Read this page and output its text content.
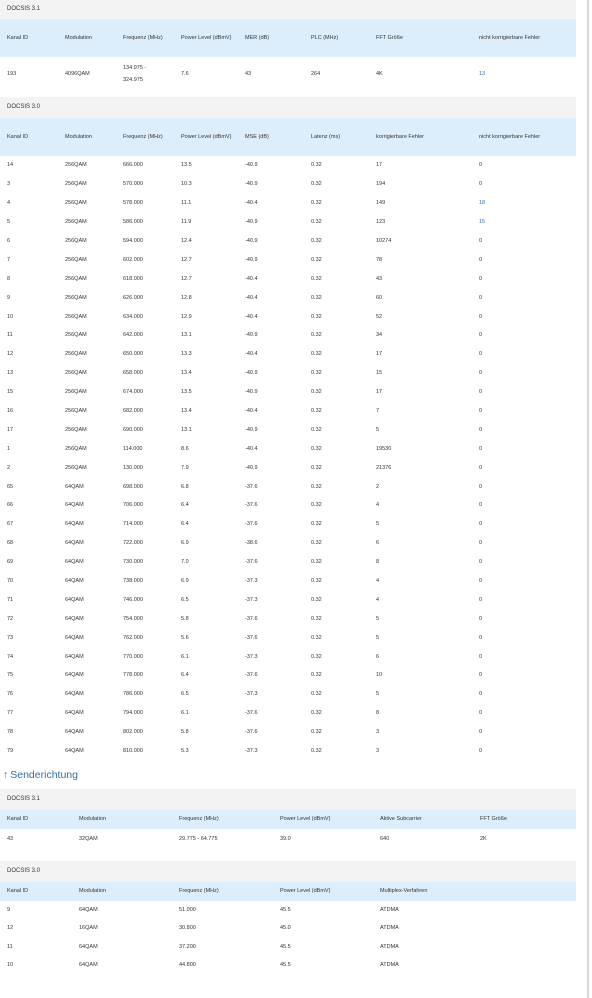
DOCSIS 3.1
Kanal ID	Modulation	Frequenz (MHz)	Power Level (dBmV)	MER (dB)	PLC (MHz)	FFT Größe	nicht korrigierbare Fehler
193	4096QAM	134.975 - 324.975	7.6	43	264	4K	13
DOCSIS 3.0
Kanal ID	Modulation	Frequenz (MHz)	Power Level (dBmV)	MSE (dB)	Latenz (ms)	korrigierbare Fehler	nicht korrigierbare Fehler
14	256QAM	666.000	13.5	-40.9	0.32	17	0
3	256QAM	570.000	10.3	-40.9	0.32	194	0
4	256QAM	578.000	11.1	-40.4	0.32	149	18
5	256QAM	586.000	11.9	-40.9	0.32	123	15
6	256QAM	594.000	12.4	-40.9	0.32	10274	0
7	256QAM	602.000	12.7	-40.9	0.32	78	0
8	256QAM	618.000	12.7	-40.4	0.32	43	0
9	256QAM	626.000	12.8	-40.4	0.32	60	0
10	256QAM	634.000	12.9	-40.4	0.32	52	0
11	256QAM	642.000	13.1	-40.9	0.32	34	0
12	256QAM	650.000	13.3	-40.4	0.32	17	0
13	256QAM	658.000	13.4	-40.9	0.32	15	0
15	256QAM	674.000	13.5	-40.9	0.32	17	0
16	256QAM	682.000	13.4	-40.4	0.32	7	0
17	256QAM	690.000	13.1	-40.9	0.32	5	0
1	256QAM	114.000	8.6	-40.4	0.32	19530	0
2	256QAM	130.000	7.9	-40.9	0.32	21376	0
65	64QAM	698.000	6.8	-37.6	0.32	2	0
66	64QAM	706.000	6.4	-37.6	0.32	4	0
67	64QAM	714.000	6.4	-37.6	0.32	5	0
68	64QAM	722.000	6.9	-38.6	0.32	6	0
69	64QAM	730.000	7.0	-37.6	0.32	8	0
70	64QAM	738.000	6.9	-37.3	0.32	4	0
71	64QAM	746.000	6.5	-37.3	0.32	4	0
72	64QAM	754.000	5.8	-37.6	0.32	5	0
73	64QAM	762.000	5.6	-37.6	0.32	5	0
74	64QAM	770.000	6.1	-37.3	0.32	6	0
75	64QAM	778.000	6.4	-37.6	0.32	10	0
76	64QAM	786.000	6.5	-37.3	0.32	5	0
77	64QAM	794.000	6.1	-37.6	0.32	8	0
78	64QAM	802.000	5.8	-37.6	0.32	3	0
79	64QAM	810.000	5.3	-37.3	0.32	3	0
↑ Senderichtung
DOCSIS 3.1
Kanal ID	Modulation	Frequenz (MHz)	Power Level (dBmV)	Aktive Subcarrier	FFT Größe
43	32QAM	29.775 - 64.775	39.0	640	2K
DOCSIS 3.0
Kanal ID	Modulation	Frequenz (MHz)	Power Level (dBmV)	Multiplex-Verfahren
9	64QAM	51.000	45.5	ATDMA
12	16QAM	30.800	45.0	ATDMA
11	64QAM	37.200	45.5	ATDMA
10	64QAM	44.800	45.5	ATDMA
